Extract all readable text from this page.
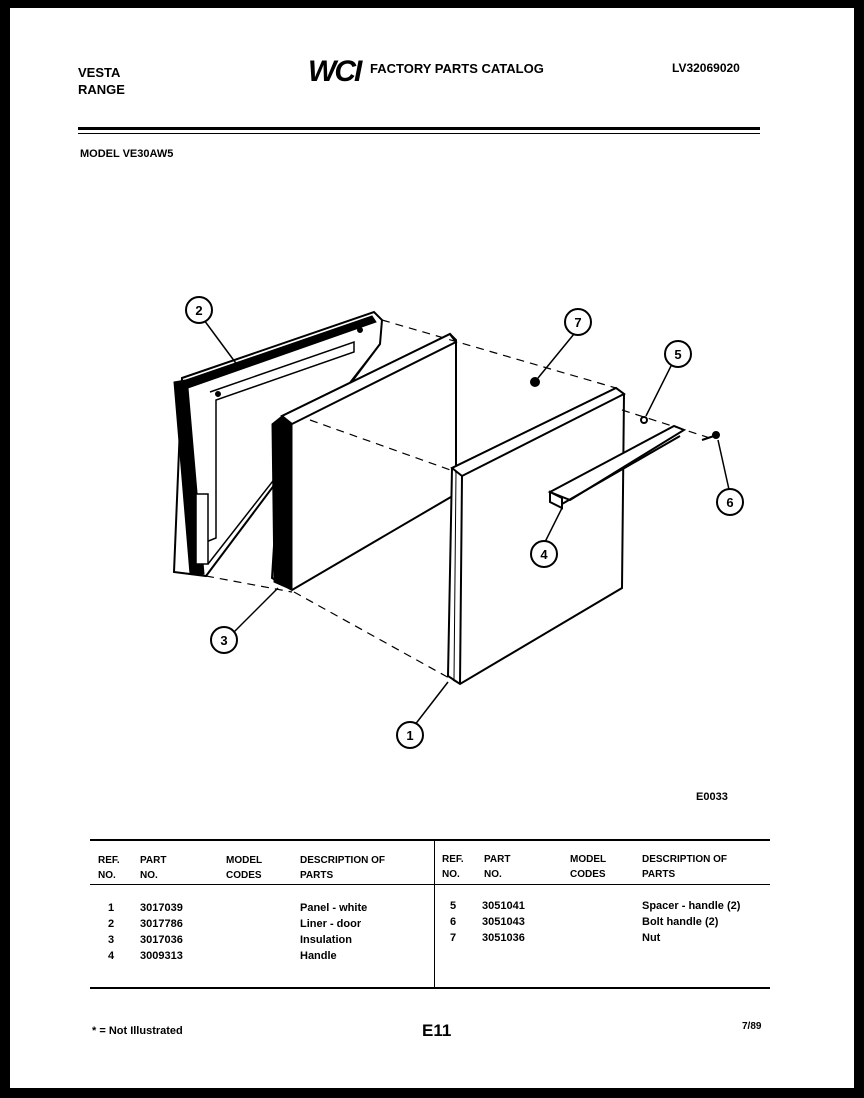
VESTA
RANGE
WCI FACTORY PARTS CATALOG	LV32069020
MODEL VE30AW5
2
7
5
6
4
3
1
E0033
REF. NO.
PART NO.
MODEL CODES
DESCRIPTION OF PARTS
REF. NO.
PART NO.
MODEL CODES
DESCRIPTION OF PARTS
1 3017039	Panel - white
2 3017786	Liner - door
3 3017036	Insulation
4 3009313	Handle
5 3051041	Spacer - handle (2)
6 3051043	Bolt handle (2)
7 3051036	Nut
* = Not Illustrated	E11	7/89
